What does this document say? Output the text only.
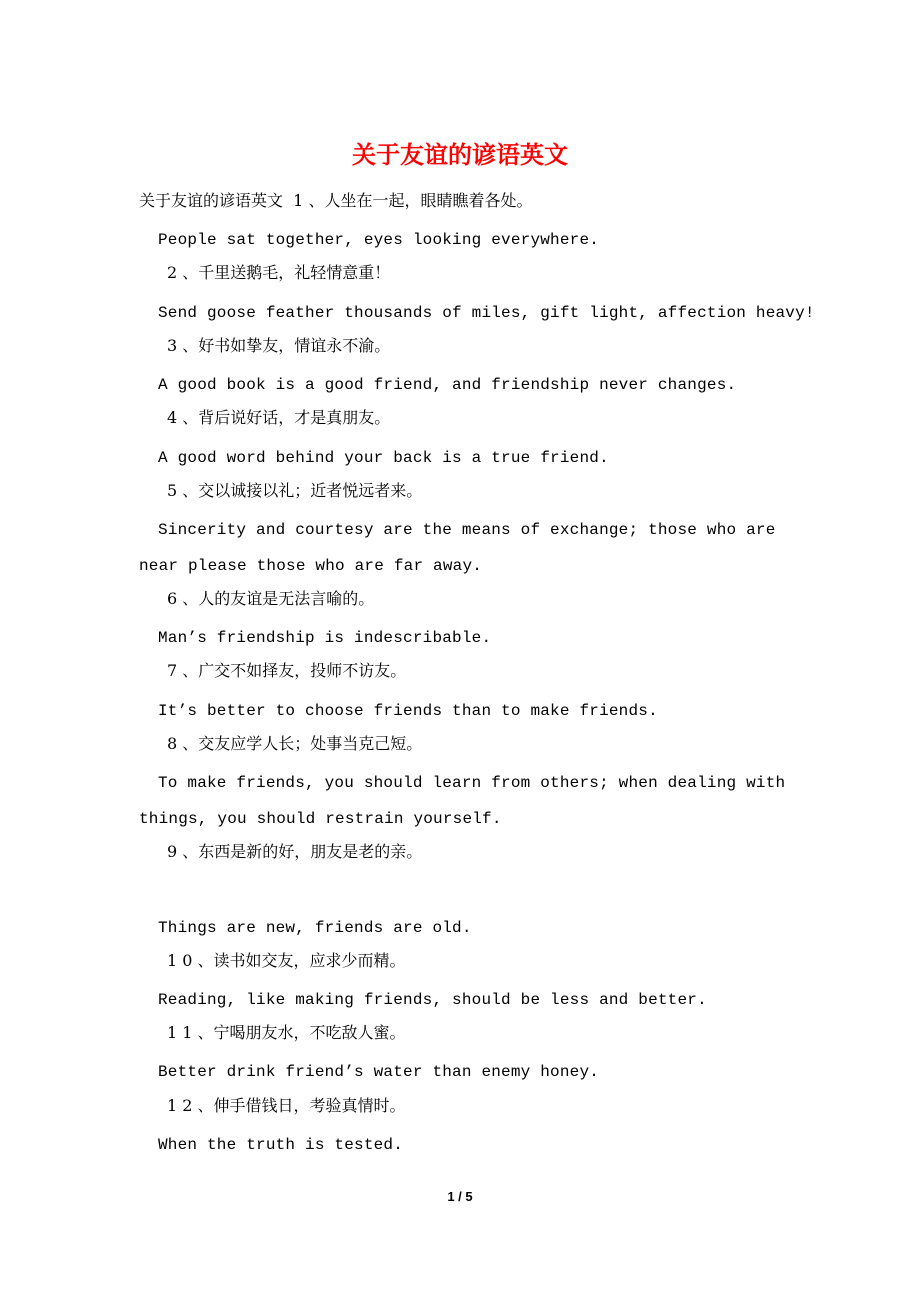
关于友谊的谚语英文
关于友谊的谚语英文  1 、人坐在一起，眼睛瞧着各处。
People sat together, eyes looking everywhere.
2 、千里送鹅毛，礼轻情意重！
Send goose feather thousands of miles, gift light, affection heavy!
3 、好书如挚友，情谊永不渝。
A good book is a good friend, and friendship never changes.
4 、背后说好话，才是真朋友。
A good word behind your back is a true friend.
5 、交以诚接以礼；近者悦远者来。
Sincerity and courtesy are the means of exchange; those who are
near please those who are far away.
6 、人的友谊是无法言喻的。
Man’s friendship is indescribable.
7 、广交不如择友，投师不访友。
It’s better to choose friends than to make friends.
8 、交友应学人长；处事当克己短。
To make friends, you should learn from others; when dealing with
things, you should restrain yourself.
9 、东西是新的好，朋友是老的亲。
Things are new, friends are old.
1 0 、读书如交友，应求少而精。
Reading, like making friends, should be less and better.
1 1 、宁喝朋友水，不吃敌人蜜。
Better drink friend’s water than enemy honey.
1 2 、伸手借钱日，考验真情时。
When the truth is tested.
1 / 5
